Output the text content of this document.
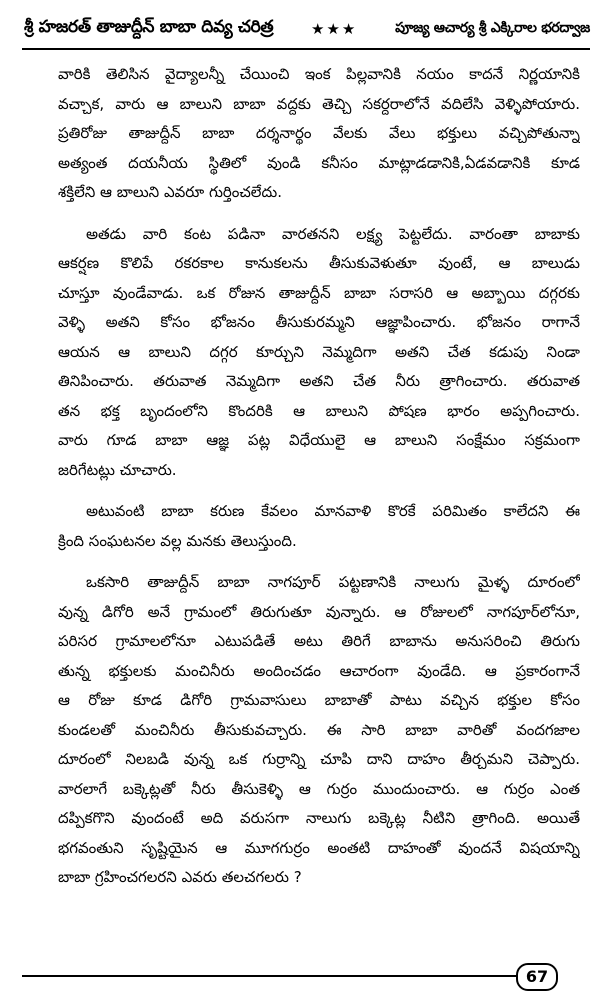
శ్రీ హజరత్ తాజుద్దీన్ బాబా దివ్య చరిత్ర	★★★	పూజ్య ఆచార్య శ్రీ ఎక్కిరాల భరద్వాజ
వారికి తెలిసిన వైద్యాలన్నీ చేయించి ఇంక పిల్లవానికి నయం కాదనే నిర్ణయానికి
వచ్చాక, వారు ఆ బాలుని బాబా వద్దకు తెచ్చి సకర్దరాలోనే వదిలేసి వెళ్ళిపోయారు.
ప్రతిరోజు తాజుద్దీన్ బాబా దర్శనార్థం వేలకు వేలు భక్తులు వచ్చిపోతున్నా
అత్యంత దయనీయ స్థితిలో వుండి కనీసం మాట్లాడడానికి,ఏడవడానికి కూడ
శక్తిలేని ఆ బాలుని ఎవరూ గుర్తించలేదు.
అతడు వారి కంట పడినా వారతనని లక్ష్య పెట్టలేదు. వారంతా బాబాకు
ఆకర్షణ కొలిపే రకరకాల కానుకలను తీసుకువెళుతూ వుంటే, ఆ బాలుడు
చూస్తూ వుండేవాడు. ఒక రోజున తాజుద్దీన్ బాబా సరాసరి ఆ అబ్బాయి దగ్గరకు
వెళ్ళి అతని కోసం భోజనం తీసుకురమ్మని ఆజ్ఞాపించారు. భోజనం రాగానే
ఆయన ఆ బాలుని దగ్గర కూర్చుని నెమ్మదిగా అతని చేత కడుపు నిండా
తినిపించారు. తరువాత నెమ్మదిగా అతని చేత నీరు త్రాగించారు. తరువాత
తన భక్త బృందంలోని కొందరికి ఆ బాలుని పోషణ భారం అప్పగించారు.
వారు గూడ బాబా ఆజ్ఞ పట్ల విధేయులై ఆ బాలుని సంక్షేమం సక్రమంగా
జరిగేటట్లు చూచారు.
అటువంటి బాబా కరుణ కేవలం మానవాళి కొరకే పరిమితం కాలేదని ఈ
క్రింది సంఘటనల వల్ల మనకు తెలుస్తుంది.
ఒకసారి తాజుద్దీన్ బాబా నాగపూర్ పట్టణానికి నాలుగు మైళ్ళ దూరంలో
వున్న డిగోరి అనే గ్రామంలో తిరుగుతూ వున్నారు. ఆ రోజులలో నాగపూర్‌లోనూ,
పరిసర గ్రామాలలోనూ ఎటుపడితే అటు తిరిగే బాబాను అనుసరించి తిరుగు
తున్న భక్తులకు మంచినీరు అందించడం ఆచారంగా వుండేది. ఆ ప్రకారంగానే
ఆ రోజు కూడ డిగోరి గ్రామవాసులు బాబాతో పాటు వచ్చిన భక్తుల కోసం
కుండలతో మంచినీరు తీసుకువచ్చారు. ఈ సారి బాబా వారితో వందగజాల
దూరంలో నిలబడి వున్న ఒక గుర్రాన్ని చూపి దాని దాహం తీర్చమని చెప్పారు.
వారలాగే బక్కెట్లతో నీరు తీసుకెళ్ళి ఆ గుర్రం ముందుంచారు. ఆ గుర్రం ఎంత
దప్పికగొని వుందంటే అది వరుసగా నాలుగు బక్కెట్ల నీటిని త్రాగింది. అయితే
భగవంతుని సృష్టియైన ఆ మూగగుర్రం అంతటి దాహంతో వుందనే విషయాన్ని
బాబా గ్రహించగలరని ఎవరు తలచగలరు ?
67
